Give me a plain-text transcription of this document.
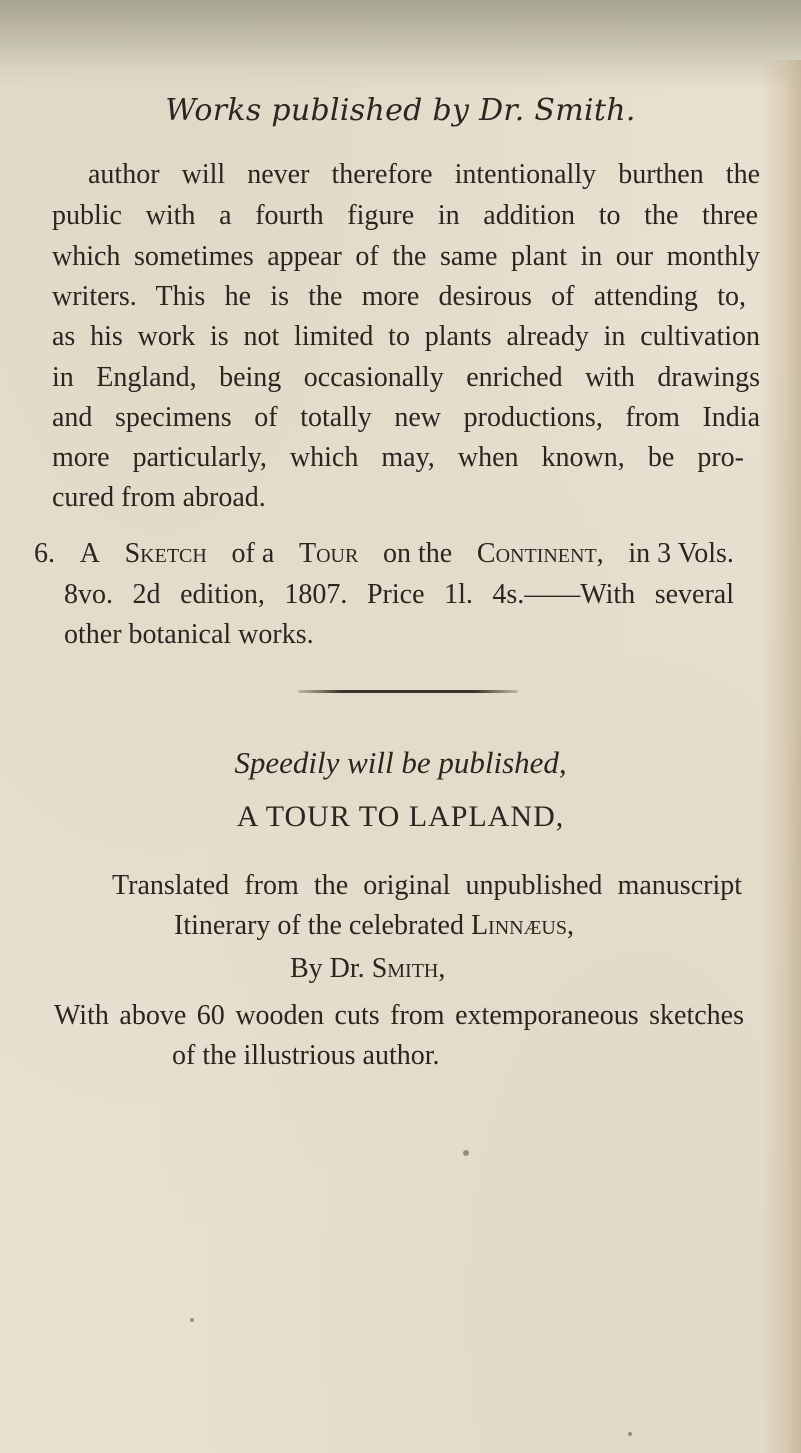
Works published by Dr. Smith.
author will never therefore intentionally burthen the
public with a fourth figure in addition to the three
which sometimes appear of the same plant in our monthly
writers. This he is the more desirous of attending to,
as his work is not limited to plants already in cultivation
in England, being occasionally enriched with drawings
and specimens of totally new productions, from India
more particularly, which may, when known, be pro-
cured from abroad.
6. A Sketch of a Tour on the Continent, in 3 Vols.
8vo. 2d edition, 1807. Price 1l. 4s.——With several
other botanical works.
Speedily will be published,
A TOUR TO LAPLAND,
Translated from the original unpublished manuscript
Itinerary of the celebrated Linnæus,
By Dr. Smith,
With above 60 wooden cuts from extemporaneous sketches
of the illustrious author.
